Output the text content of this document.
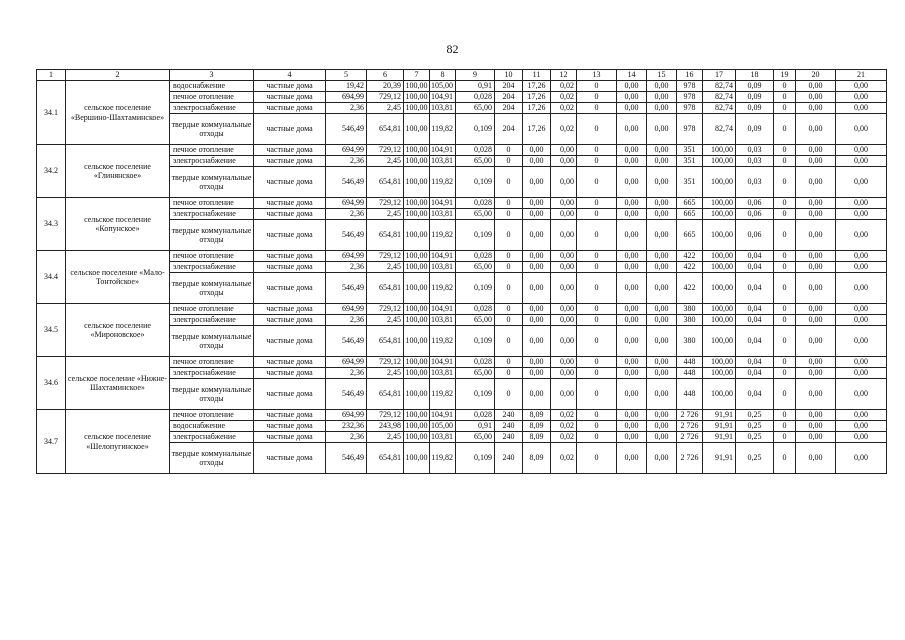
82
1	2	3	4	5	6	7	8	9	10	11	12	13	14	15	16	17	18	19	20	21
34.1	сельское поселение «Вершино-Шахтаминское»	водоснабжение	частные дома	19,42	20,39	100,00	105,00	0,91	204	17,26	0,02	0	0,00	0,00	978	82,74	0,09	0	0,00	0,00
		печное отопление	частные дома	694,99	729,12	100,00	104,91	0,028	204	17,26	0,02	0	0,00	0,00	978	82,74	0,09	0	0,00	0,00
		электроснабжение	частные дома	2,36	2,45	100,00	103,81	65,00	204	17,26	0,02	0	0,00	0,00	978	82,74	0,09	0	0,00	0,00
		твердые коммунальные отходы	частные дома	546,49	654,81	100,00	119,82	0,109	204	17,26	0,02	0	0,00	0,00	978	82,74	0,09	0	0,00	0,00
34.2	сельское поселение «Глинянское»	печное отопление	частные дома	694,99	729,12	100,00	104,91	0,028	0	0,00	0,00	0	0,00	0,00	351	100,00	0,03	0	0,00	0,00
		электроснабжение	частные дома	2,36	2,45	100,00	103,81	65,00	0	0,00	0,00	0	0,00	0,00	351	100,00	0,03	0	0,00	0,00
		твердые коммунальные отходы	частные дома	546,49	654,81	100,00	119,82	0,109	0	0,00	0,00	0	0,00	0,00	351	100,00	0,03	0	0,00	0,00
34.3	сельское поселение «Копунское»	печное отопление	частные дома	694,99	729,12	100,00	104,91	0,028	0	0,00	0,00	0	0,00	0,00	665	100,00	0,06	0	0,00	0,00
		электроснабжение	частные дома	2,36	2,45	100,00	103,81	65,00	0	0,00	0,00	0	0,00	0,00	665	100,00	0,06	0	0,00	0,00
		твердые коммунальные отходы	частные дома	546,49	654,81	100,00	119,82	0,109	0	0,00	0,00	0	0,00	0,00	665	100,00	0,06	0	0,00	0,00
34.4	сельское поселение «Мало-Тонтойское»	печное отопление	частные дома	694,99	729,12	100,00	104,91	0,028	0	0,00	0,00	0	0,00	0,00	422	100,00	0,04	0	0,00	0,00
		электроснабжение	частные дома	2,36	2,45	100,00	103,81	65,00	0	0,00	0,00	0	0,00	0,00	422	100,00	0,04	0	0,00	0,00
		твердые коммунальные отходы	частные дома	546,49	654,81	100,00	119,82	0,109	0	0,00	0,00	0	0,00	0,00	422	100,00	0,04	0	0,00	0,00
34.5	сельское поселение «Мироновское»	печное отопление	частные дома	694,99	729,12	100,00	104,91	0,028	0	0,00	0,00	0	0,00	0,00	380	100,00	0,04	0	0,00	0,00
		электроснабжение	частные дома	2,36	2,45	100,00	103,81	65,00	0	0,00	0,00	0	0,00	0,00	380	100,00	0,04	0	0,00	0,00
		твердые коммунальные отходы	частные дома	546,49	654,81	100,00	119,82	0,109	0	0,00	0,00	0	0,00	0,00	380	100,00	0,04	0	0,00	0,00
34.6	сельское поселение «Нижне-Шахтаминское»	печное отопление	частные дома	694,99	729,12	100,00	104,91	0,028	0	0,00	0,00	0	0,00	0,00	448	100,00	0,04	0	0,00	0,00
		электроснабжение	частные дома	2,36	2,45	100,00	103,81	65,00	0	0,00	0,00	0	0,00	0,00	448	100,00	0,04	0	0,00	0,00
		твердые коммунальные отходы	частные дома	546,49	654,81	100,00	119,82	0,109	0	0,00	0,00	0	0,00	0,00	448	100,00	0,04	0	0,00	0,00
34.7	сельское поселение «Шелопугинское»	печное отопление	частные дома	694,99	729,12	100,00	104,91	0,028	240	8,09	0,02	0	0,00	0,00	2 726	91,91	0,25	0	0,00	0,00
		водоснабжение	частные дома	232,36	243,98	100,00	105,00	0,91	240	8,09	0,02	0	0,00	0,00	2 726	91,91	0,25	0	0,00	0,00
		электроснабжение	частные дома	2,36	2,45	100,00	103,81	65,00	240	8,09	0,02	0	0,00	0,00	2 726	91,91	0,25	0	0,00	0,00
		твердые коммунальные отходы	частные дома	546,49	654,81	100,00	119,82	0,109	240	8,09	0,02	0	0,00	0,00	2 726	91,91	0,25	0	0,00	0,00
